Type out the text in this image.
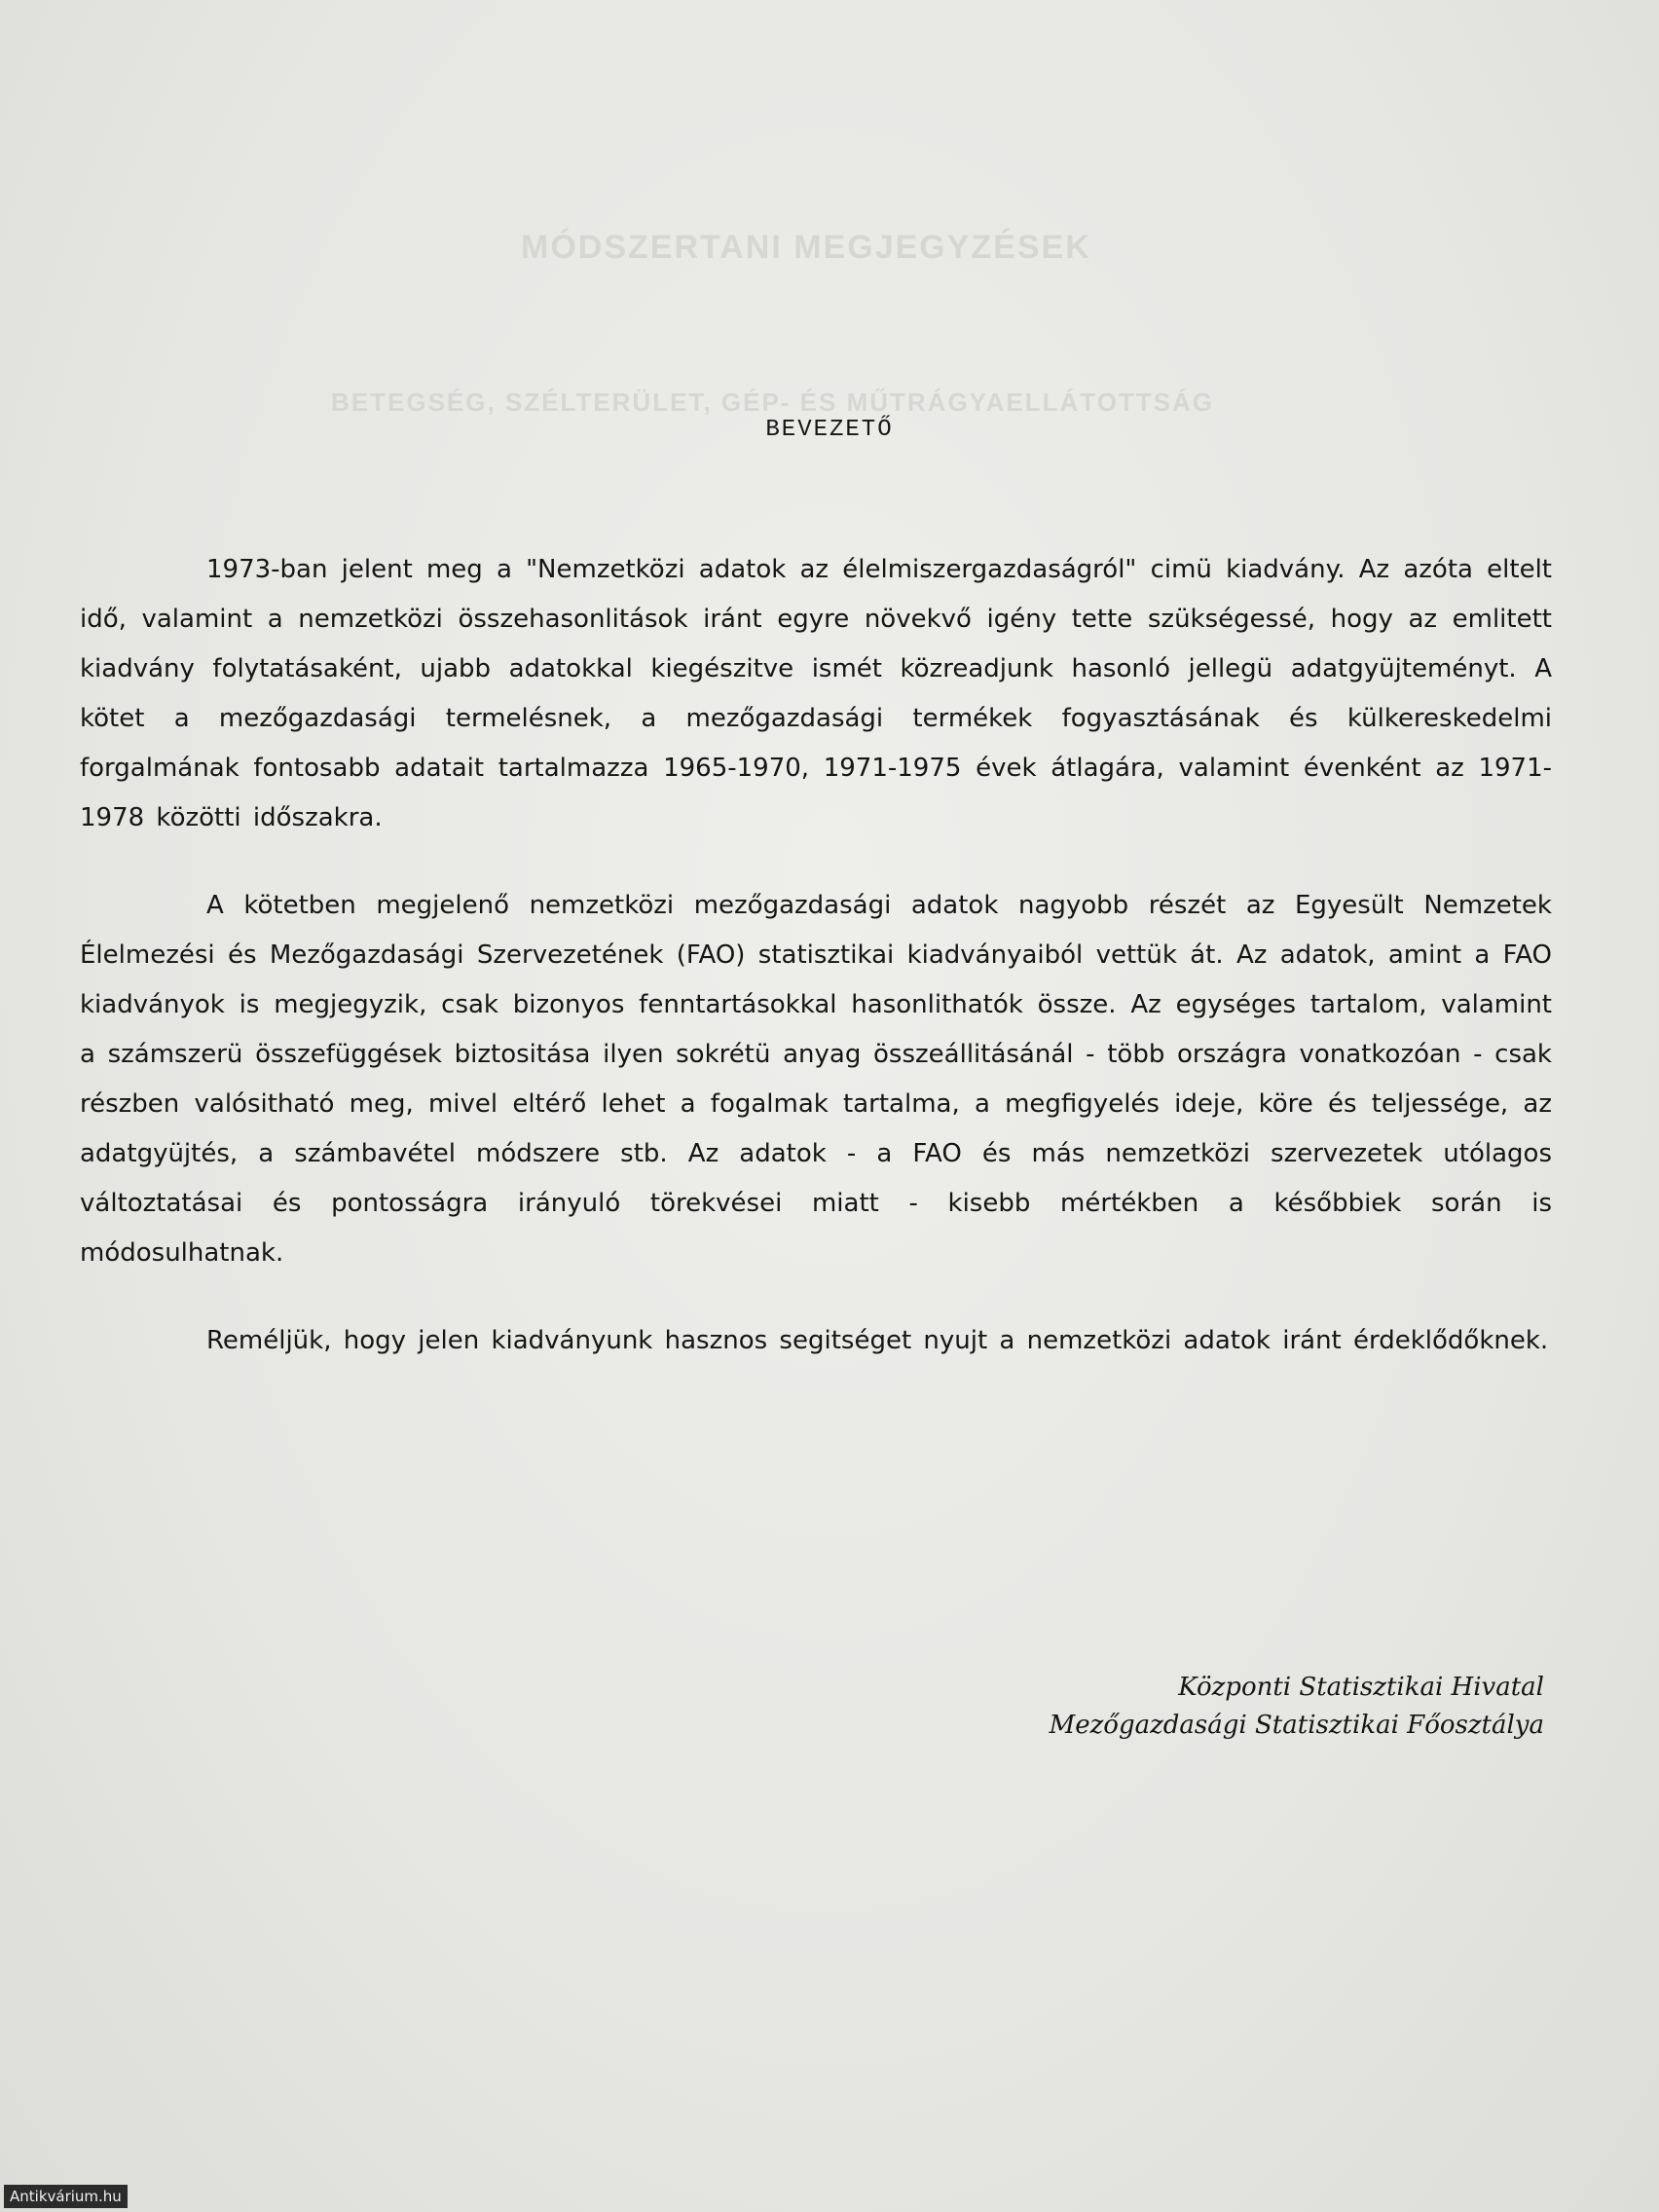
MÓDSZERTANI MEGJEGYZÉSEK
BETEGSÉG, SZÉLTERÜLET, GÉP- ÉS MŰTRÁGYAELLÁTOTTSÁG
BEVEZETŐ

1973-ban jelent meg a "Nemzetközi adatok az élelmiszergazdaságról" cimü kiadvány. Az azóta eltelt idő, valamint a nemzetközi összehasonlitások iránt egyre növekvő igény tette szükségessé, hogy az emlitett kiadvány folytatásaként, ujabb adatokkal kiegészitve ismét közreadjunk hasonló jellegü adatgyüjteményt. A kötet a mezőgazdasági termelésnek, a mezőgazdasági termékek fogyasztásának és külkereskedelmi forgalmának fontosabb adatait tartalmazza 1965-1970, 1971-1975 évek átlagára, valamint évenként az 1971-1978 közötti időszakra.

A kötetben megjelenő nemzetközi mezőgazdasági adatok nagyobb részét az Egyesült Nemzetek Élelmezési és Mezőgazdasági Szervezetének (FAO) statisztikai kiadványaiból vettük át. Az adatok, amint a FAO kiadványok is megjegyzik, csak bizonyos fenntartásokkal hasonlithatók össze. Az egységes tartalom, valamint a számszerü összefüggések biztositása ilyen sokrétü anyag összeállitásánál - több országra vonatkozóan - csak részben valósitható meg, mivel eltérő lehet a fogalmak tartalma, a megfigyelés ideje, köre és teljessége, az adatgyüjtés, a számbavétel módszere stb. Az adatok - a FAO és más nemzetközi szervezetek utólagos változtatásai és pontosságra irányuló törekvései miatt - kisebb mértékben a későbbiek során is módosulhatnak.

Reméljük, hogy jelen kiadványunk hasznos segitséget nyujt a nemzetközi adatok iránt érdeklődőknek.

Központi Statisztikai Hivatal
Mezőgazdasági Statisztikai Főosztálya
Antikvárium.hu
